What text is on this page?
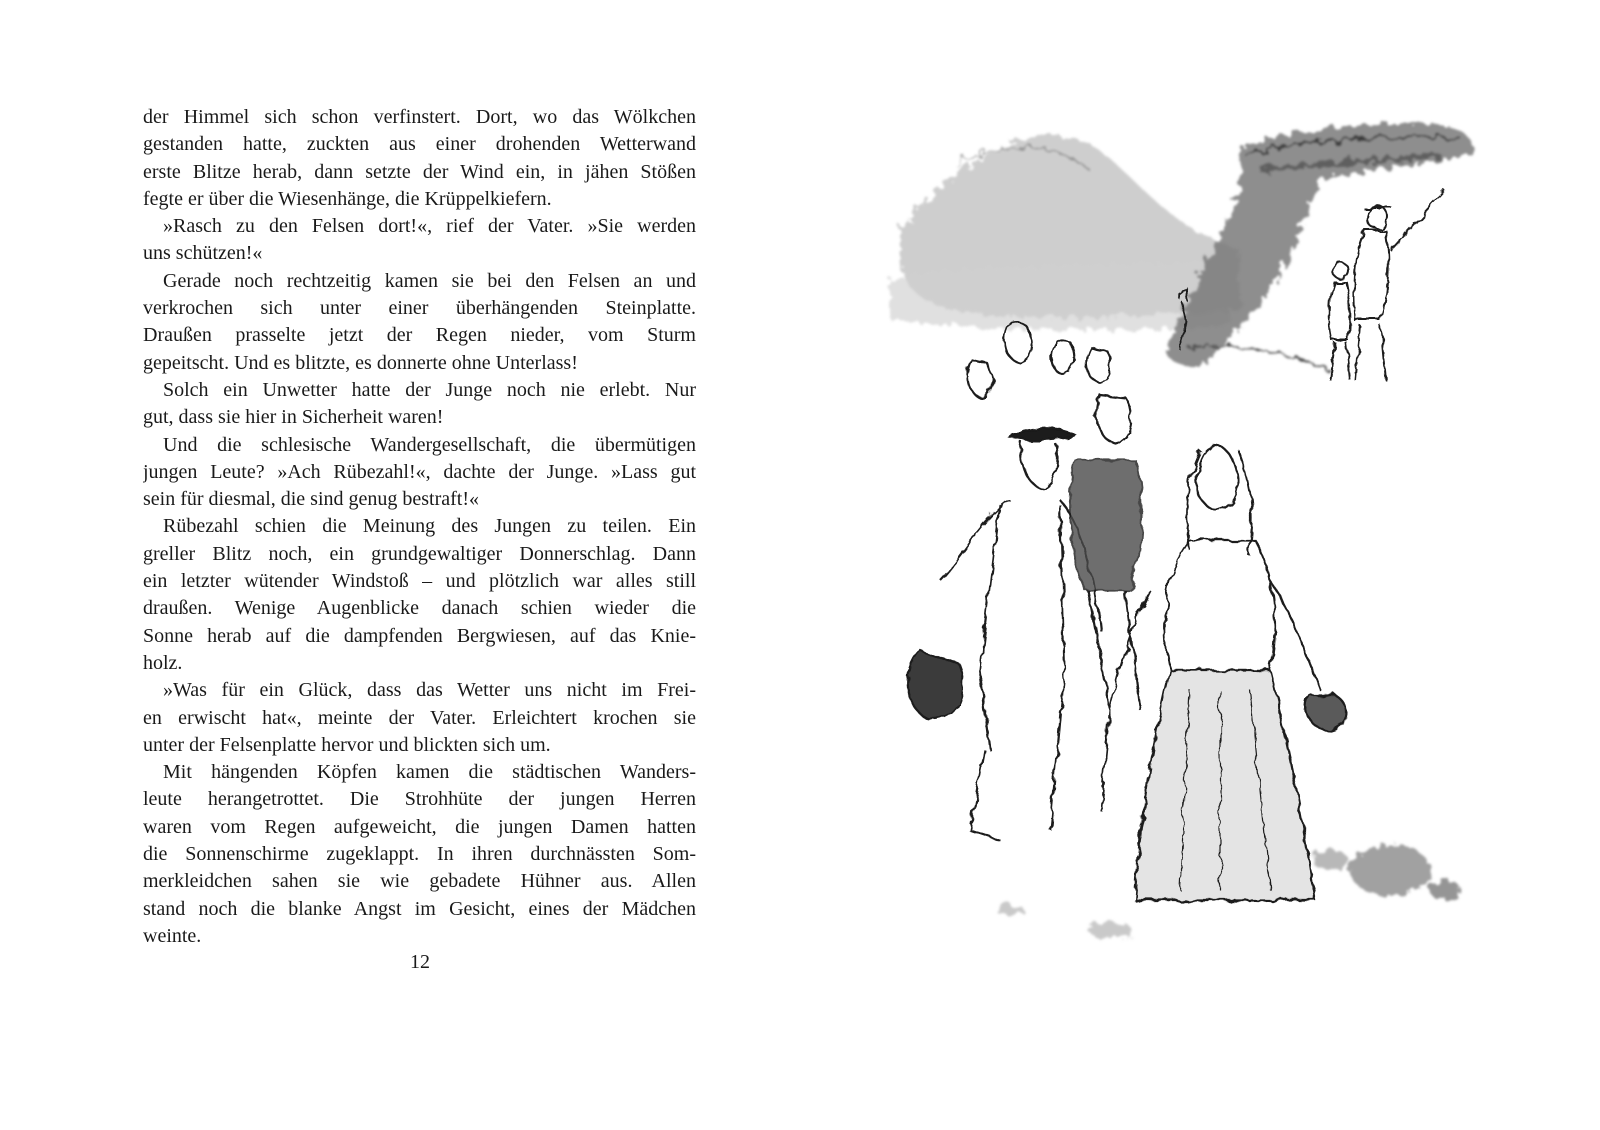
der Himmel sich schon verfinstert. Dort, wo das Wölkchen
gestanden hatte, zuckten aus einer drohenden Wetterwand
erste Blitze herab, dann setzte der Wind ein, in jähen Stößen
fegte er über die Wiesenhänge, die Krüppelkiefern.
»Rasch zu den Felsen dort!«, rief der Vater. »Sie werden
uns schützen!«
Gerade noch rechtzeitig kamen sie bei den Felsen an und
verkrochen sich unter einer überhängenden Steinplatte.
Draußen prasselte jetzt der Regen nieder, vom Sturm
gepeitscht. Und es blitzte, es donnerte ohne Unterlass!
Solch ein Unwetter hatte der Junge noch nie erlebt. Nur
gut, dass sie hier in Sicherheit waren!
Und die schlesische Wandergesellschaft, die übermütigen
jungen Leute? »Ach Rübezahl!«, dachte der Junge. »Lass gut
sein für diesmal, die sind genug bestraft!«
Rübezahl schien die Meinung des Jungen zu teilen. Ein
greller Blitz noch, ein grundgewaltiger Donnerschlag. Dann
ein letzter wütender Windstoß – und plötzlich war alles still
draußen. Wenige Augenblicke danach schien wieder die
Sonne herab auf die dampfenden Bergwiesen, auf das Knie-
holz.
»Was für ein Glück, dass das Wetter uns nicht im Frei-
en erwischt hat«, meinte der Vater. Erleichtert krochen sie
unter der Felsenplatte hervor und blickten sich um.
Mit hängenden Köpfen kamen die städtischen Wanders-
leute herangetrottet. Die Strohhüte der jungen Herren
waren vom Regen aufgeweicht, die jungen Damen hatten
die Sonnenschirme zugeklappt. In ihren durchnässten Som-
merkleidchen sahen sie wie gebadete Hühner aus. Allen
stand noch die blanke Angst im Gesicht, eines der Mädchen
weinte.
12
